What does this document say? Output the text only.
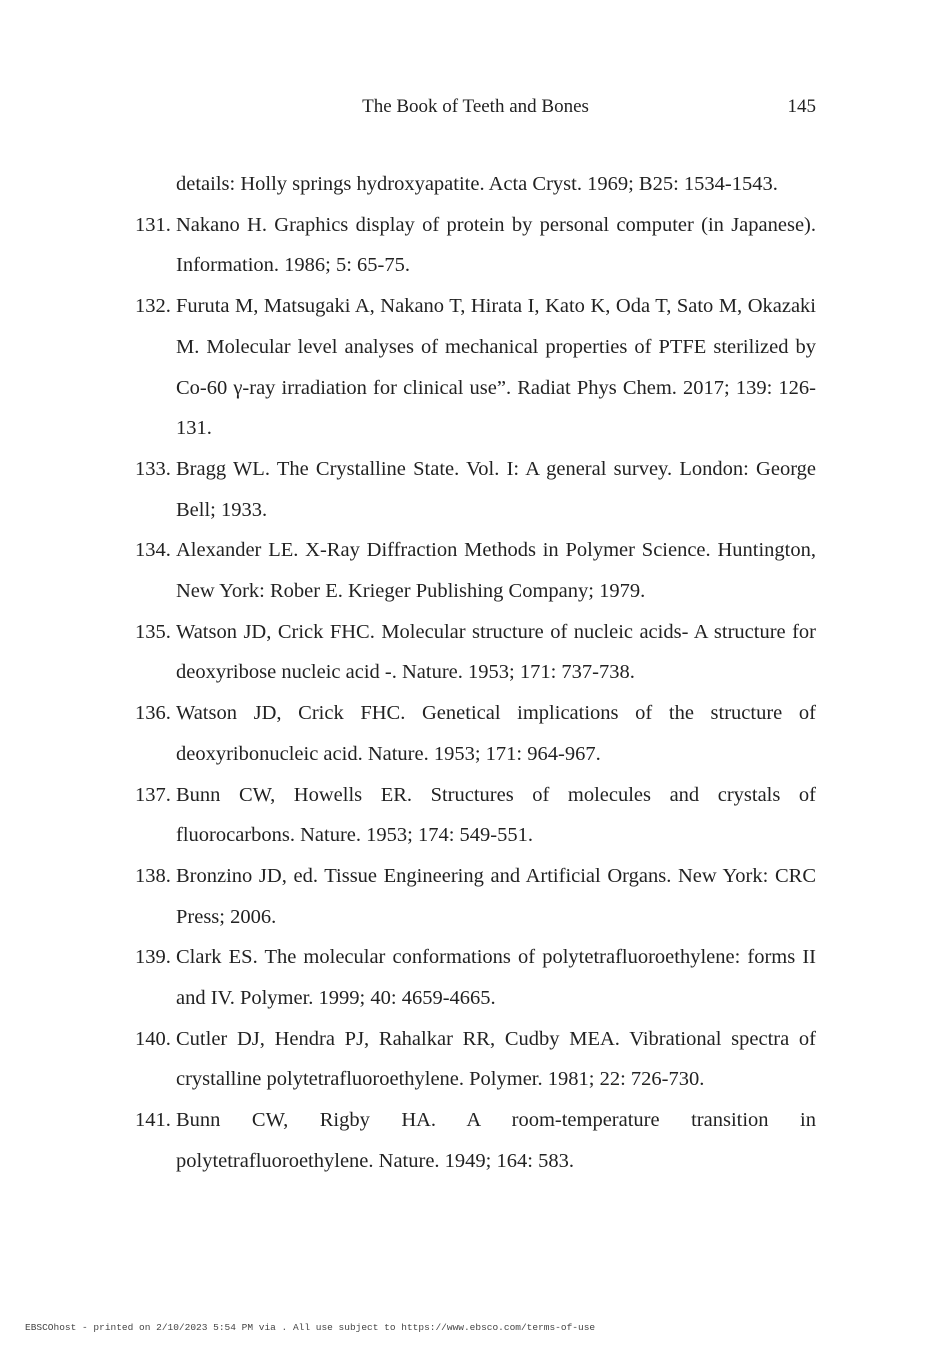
The Book of Teeth and Bones	145
details: Holly springs hydroxyapatite. Acta Cryst. 1969; B25: 1534-1543.
131. Nakano H. Graphics display of protein by personal computer (in Japanese). Information. 1986; 5: 65-75.
132. Furuta M, Matsugaki A, Nakano T, Hirata I, Kato K, Oda T, Sato M, Okazaki M. Molecular level analyses of mechanical properties of PTFE sterilized by Co-60 γ-ray irradiation for clinical use”. Radiat Phys Chem. 2017; 139: 126-131.
133. Bragg WL. The Crystalline State. Vol. I: A general survey. London: George Bell; 1933.
134. Alexander LE. X-Ray Diffraction Methods in Polymer Science. Huntington, New York: Rober E. Krieger Publishing Company; 1979.
135. Watson JD, Crick FHC. Molecular structure of nucleic acids- A structure for deoxyribose nucleic acid -. Nature. 1953; 171: 737-738.
136. Watson JD, Crick FHC. Genetical implications of the structure of deoxyribonucleic acid. Nature. 1953; 171: 964-967.
137. Bunn CW, Howells ER. Structures of molecules and crystals of fluorocarbons. Nature. 1953; 174: 549-551.
138. Bronzino JD, ed. Tissue Engineering and Artificial Organs. New York: CRC Press; 2006.
139. Clark ES. The molecular conformations of polytetrafluoroethylene: forms II and IV. Polymer. 1999; 40: 4659-4665.
140. Cutler DJ, Hendra PJ, Rahalkar RR, Cudby MEA. Vibrational spectra of crystalline polytetrafluoroethylene. Polymer. 1981; 22: 726-730.
141. Bunn CW, Rigby HA. A room-temperature transition in polytetrafluoroethylene. Nature. 1949; 164: 583.
EBSCOhost - printed on 2/10/2023 5:54 PM via . All use subject to https://www.ebsco.com/terms-of-use
